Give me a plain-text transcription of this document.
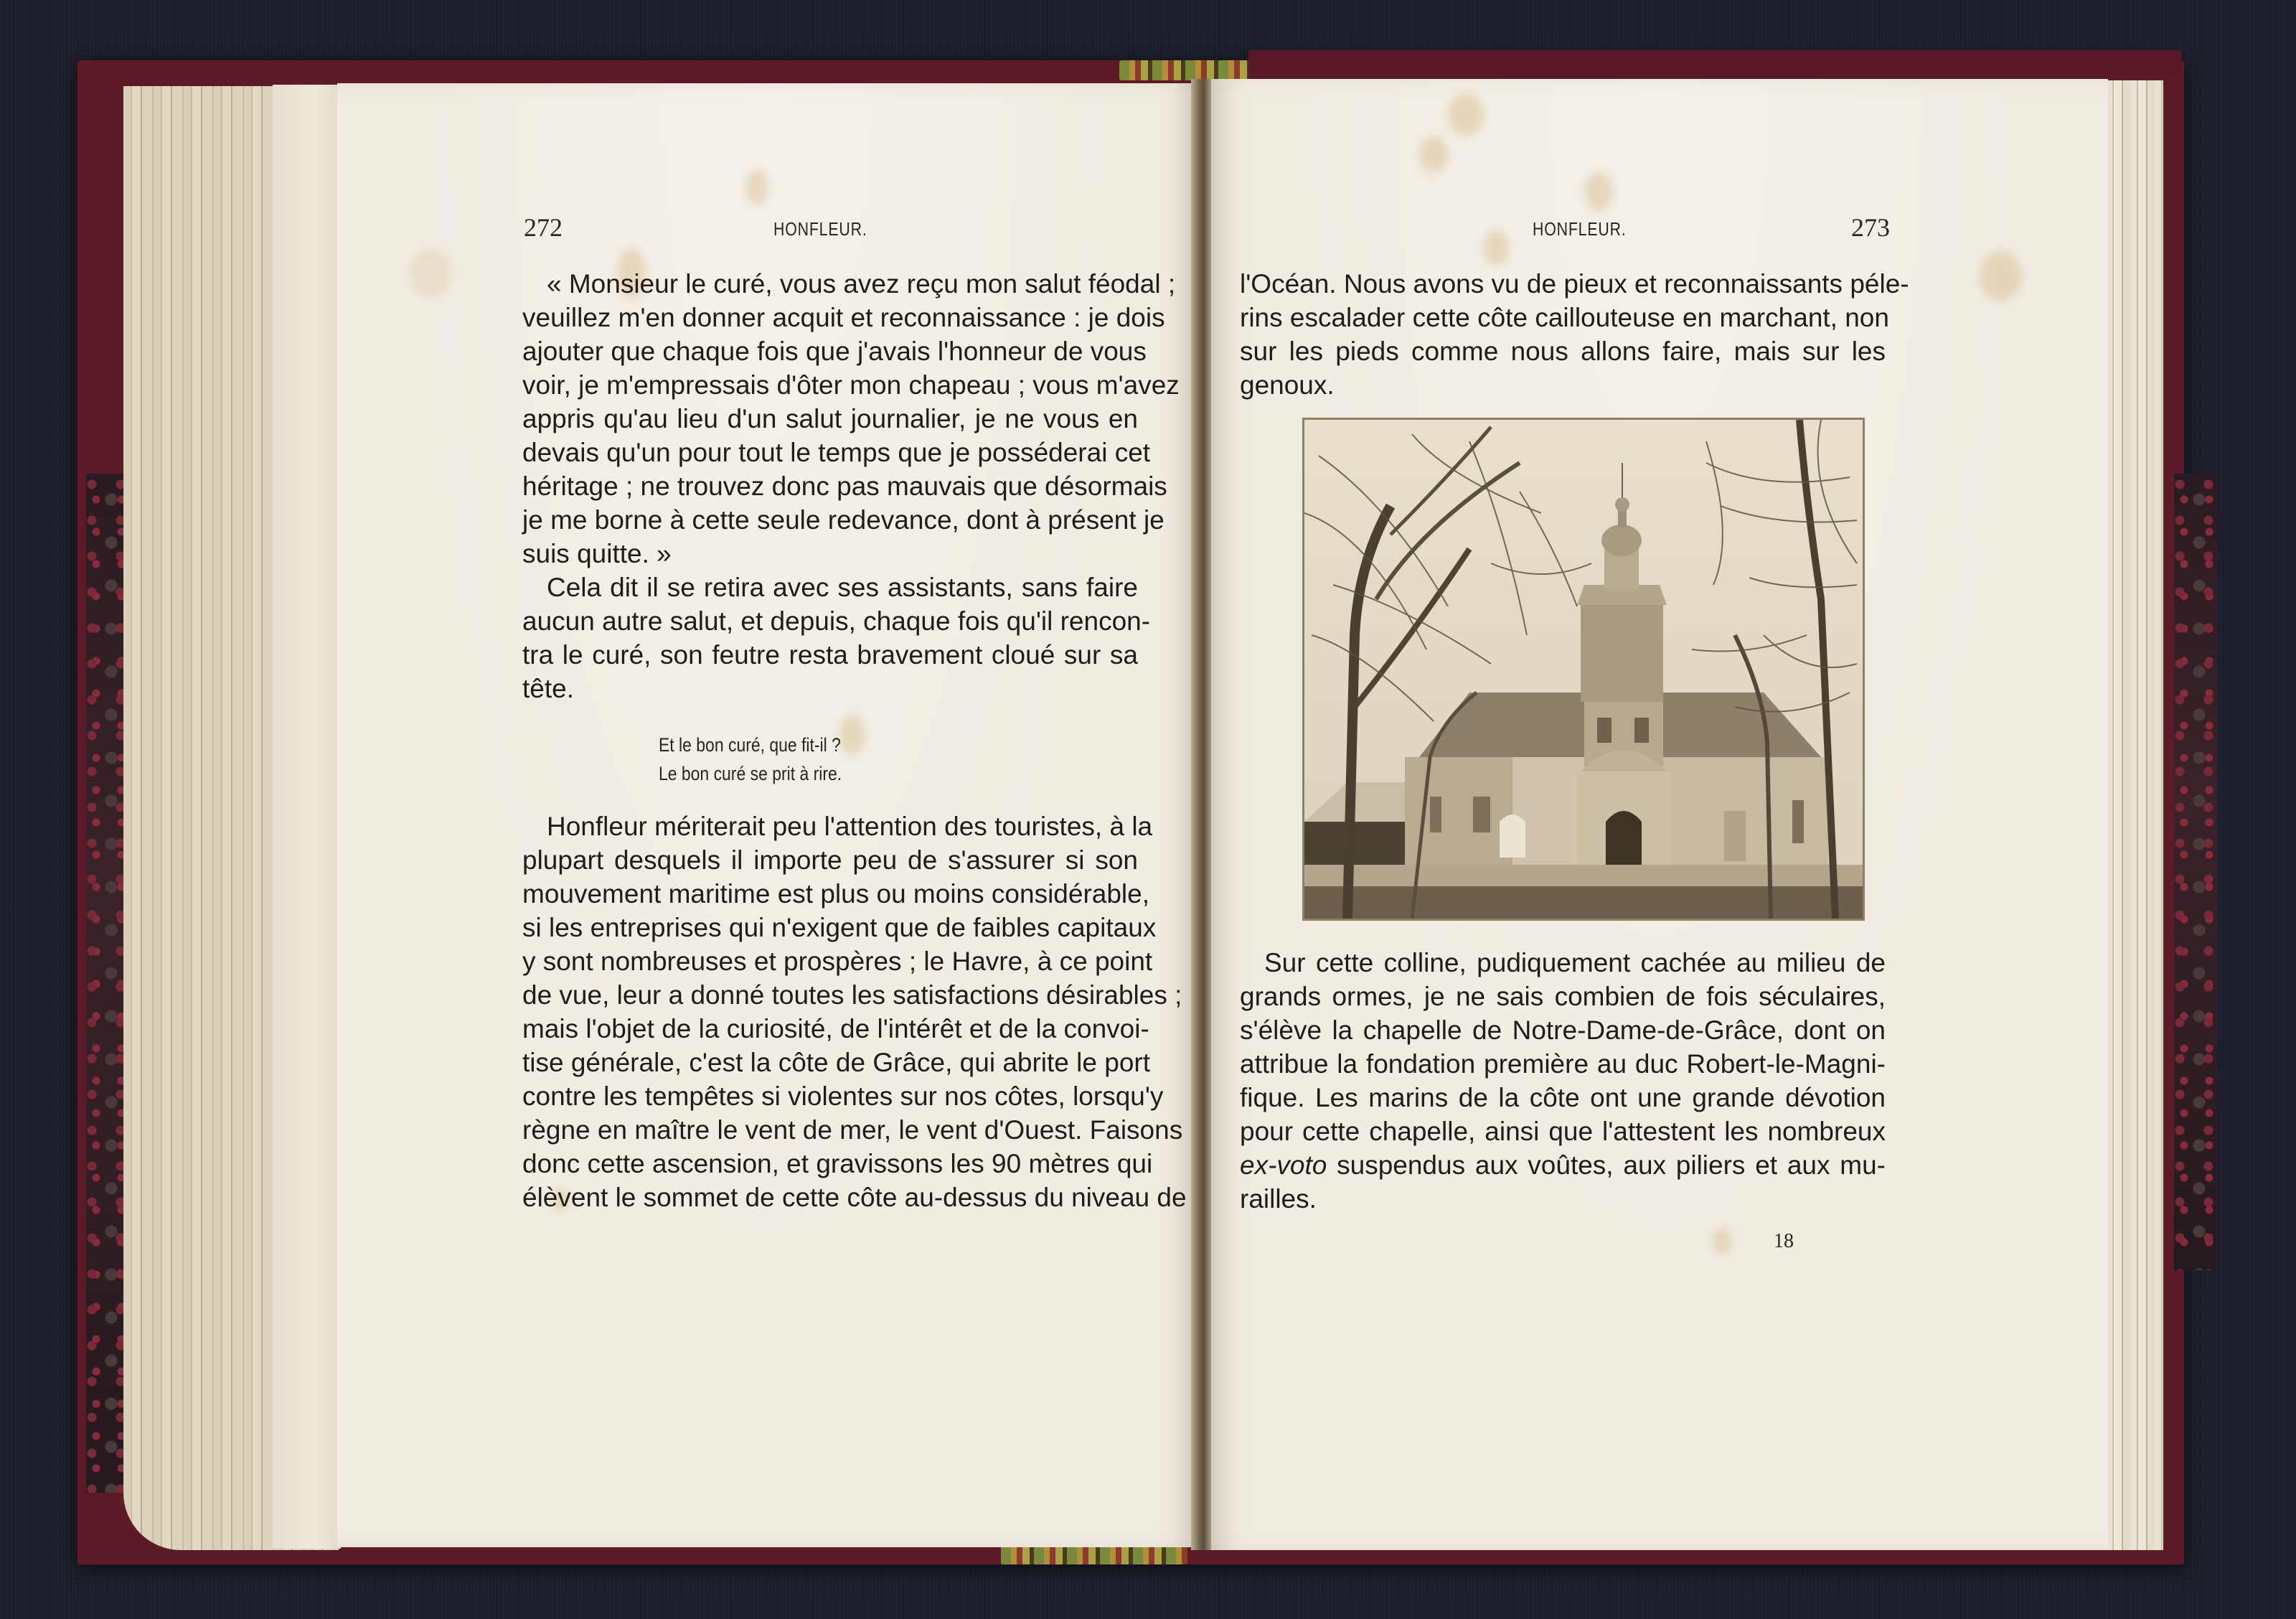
272	HONFLEUR.

« Monsieur le curé, vous avez reçu mon salut féodal ;

veuillez m'en donner acquit et reconnaissance : je dois
ajouter que chaque fois que j'avais l'honneur de vous
voir, je m'empressais d'ôter mon chapeau ; vous m'avez
appris qu'au lieu d'un salut journalier, je ne vous en
devais qu'un pour tout le temps que je posséderai cet
héritage ; ne trouvez donc pas mauvais que désormais
je me borne à cette seule redevance, dont à présent je
suis quitte. »
Cela dit il se retira avec ses assistants, sans faire
aucun autre salut, et depuis, chaque fois qu'il rencon-
tra le curé, son feutre resta bravement cloué sur sa
tête.
Et le bon curé, que fit-il ?
Le bon curé se prit à rire.
Honfleur mériterait peu l'attention des touristes, à la
plupart desquels il importe peu de s'assurer si son
mouvement maritime est plus ou moins considérable,
si les entreprises qui n'exigent que de faibles capitaux
y sont nombreuses et prospères ; le Havre, à ce point
de vue, leur a donné toutes les satisfactions désirables ;
mais l'objet de la curiosité, de l'intérêt et de la convoi-
tise générale, c'est la côte de Grâce, qui abrite le port
contre les tempêtes si violentes sur nos côtes, lorsqu'y
règne en maître le vent de mer, le vent d'Ouest. Faisons
donc cette ascension, et gravissons les 90 mètres qui
élèvent le sommet de cette côte au-dessus du niveau de
HONFLEUR.	273
l'Océan. Nous avons vu de pieux et reconnaissants péle-
rins escalader cette côte caillouteuse en marchant, non
sur les pieds comme nous allons faire, mais sur les
genoux.
Sur cette colline, pudiquement cachée au milieu de
grands ormes, je ne sais combien de fois séculaires,
s'élève la chapelle de Notre-Dame-de-Grâce, dont on
attribue la fondation première au duc Robert-le-Magni-
fique. Les marins de la côte ont une grande dévotion
pour cette chapelle, ainsi que l'attestent les nombreux
ex-voto suspendus aux voûtes, aux piliers et aux mu-
railles.
18
